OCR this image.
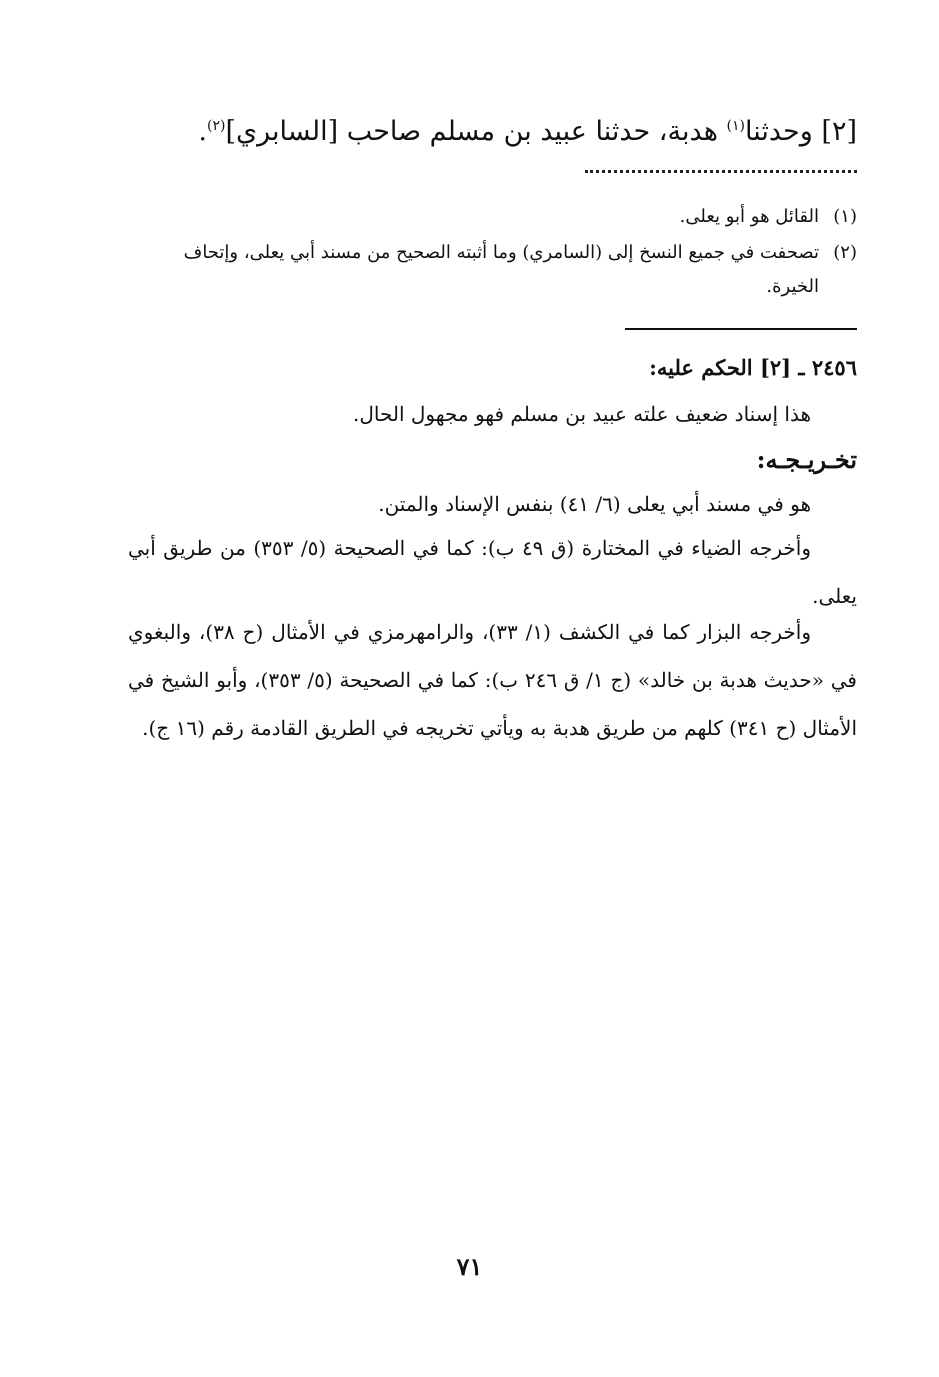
[٢] وحدثنا$^{(١)}$ هدبة، حدثنا عبيد بن مسلم صاحب [السابري]$^{(٢)}$.

(١)القائل هو أبو يعلى.
(٢)تصحفت في جميع النسخ إلى (السامري) وما أثبته الصحيح من مسند أبي يعلى، وإتحاف
الخيرة.
٢٤٥٦ ـ [٢] الحكم عليه:

هذا إسناد ضعيف علته عبيد بن مسلم فهو مجهول الحال.

تخـريـجـه:

هو في مسند أبي يعلى (٦/ ٤١) بنفس الإسناد والمتن.

وأخرجه الضياء في المختارة (ق ٤٩ ب): كما في الصحيحة (٥/ ٣٥٣) من طريق أبي يعلى.

وأخرجه البزار كما في الكشف (١/ ٣٣)، والرامهرمزي في الأمثال (ح ٣٨)، والبغوي في «حديث هدبة بن خالد» (ج ١/ ق ٢٤٦ ب): كما في الصحيحة (٥/ ٣٥٣)، وأبو الشيخ في الأمثال (ح ٣٤١) كلهم من طريق هدبة به ويأتي تخريجه في الطريق القادمة رقم (١٦ ج).

٧١
